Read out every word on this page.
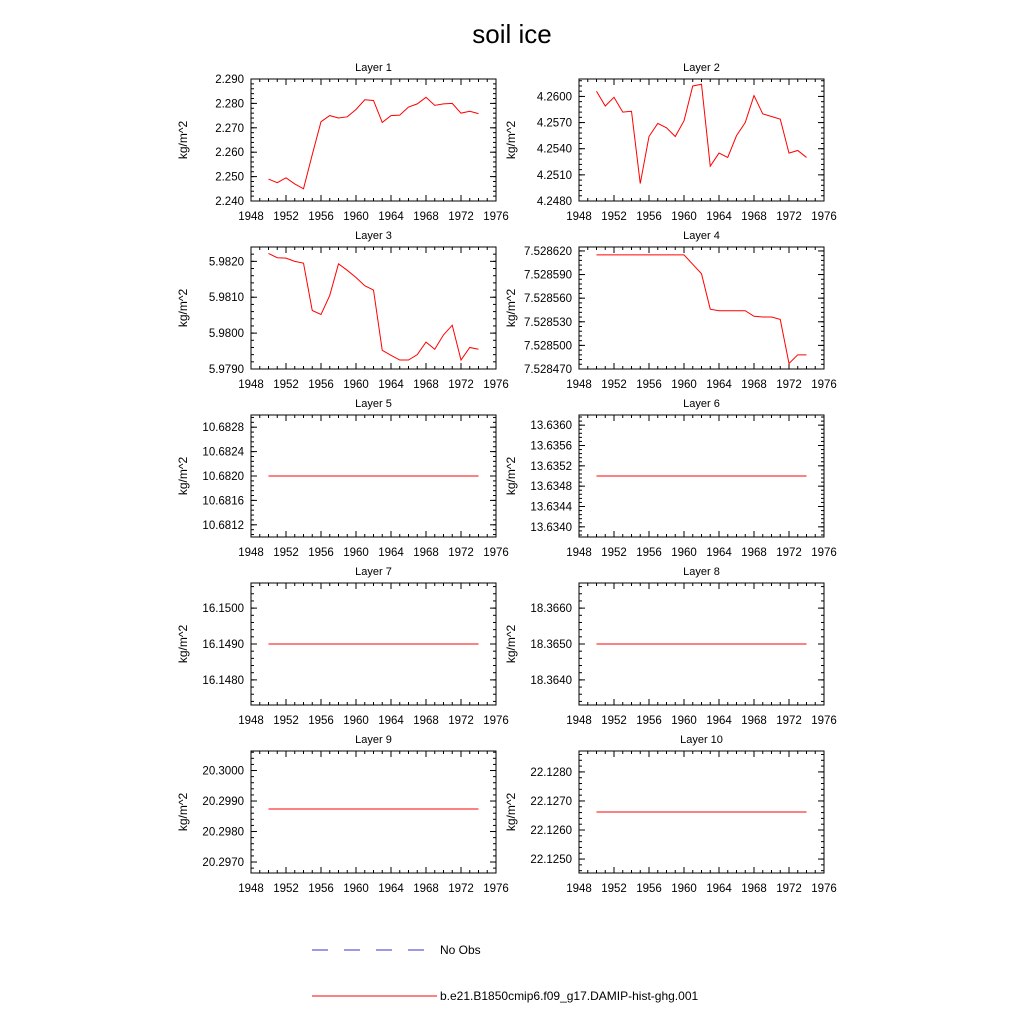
soil ice
Layer 1
1948 1952 1956 1960 1964 1968 1972 1976
2.240
2.250
2.260
2.270
2.280
2.290
kg/m^2
Layer 2
1948 1952 1956 1960 1964 1968 1972 1976
4.2480
4.2510
4.2540
4.2570
4.2600
kg/m^2
Layer 3
1948 1952 1956 1960 1964 1968 1972 1976
5.9790
5.9800
5.9810
5.9820
kg/m^2
Layer 4
1948 1952 1956 1960 1964 1968 1972 1976
7.528470
7.528500
7.528530
7.528560
7.528590
7.528620
kg/m^2
Layer 5
1948 1952 1956 1960 1964 1968 1972 1976
10.6812
10.6816
10.6820
10.6824
10.6828
kg/m^2
Layer 6
1948 1952 1956 1960 1964 1968 1972 1976
13.6340
13.6344
13.6348
13.6352
13.6356
13.6360
kg/m^2
Layer 7
1948 1952 1956 1960 1964 1968 1972 1976
16.1480
16.1490
16.1500
kg/m^2
Layer 8
1948 1952 1956 1960 1964 1968 1972 1976
18.3640
18.3650
18.3660
kg/m^2
Layer 9
1948 1952 1956 1960 1964 1968 1972 1976
20.2970
20.2980
20.2990
20.3000
kg/m^2
Layer 10
1948 1952 1956 1960 1964 1968 1972 1976
22.1250
22.1260
22.1270
22.1280
kg/m^2
No Obs
b.e21.B1850cmip6.f09_g17.DAMIP-hist-ghg.001
